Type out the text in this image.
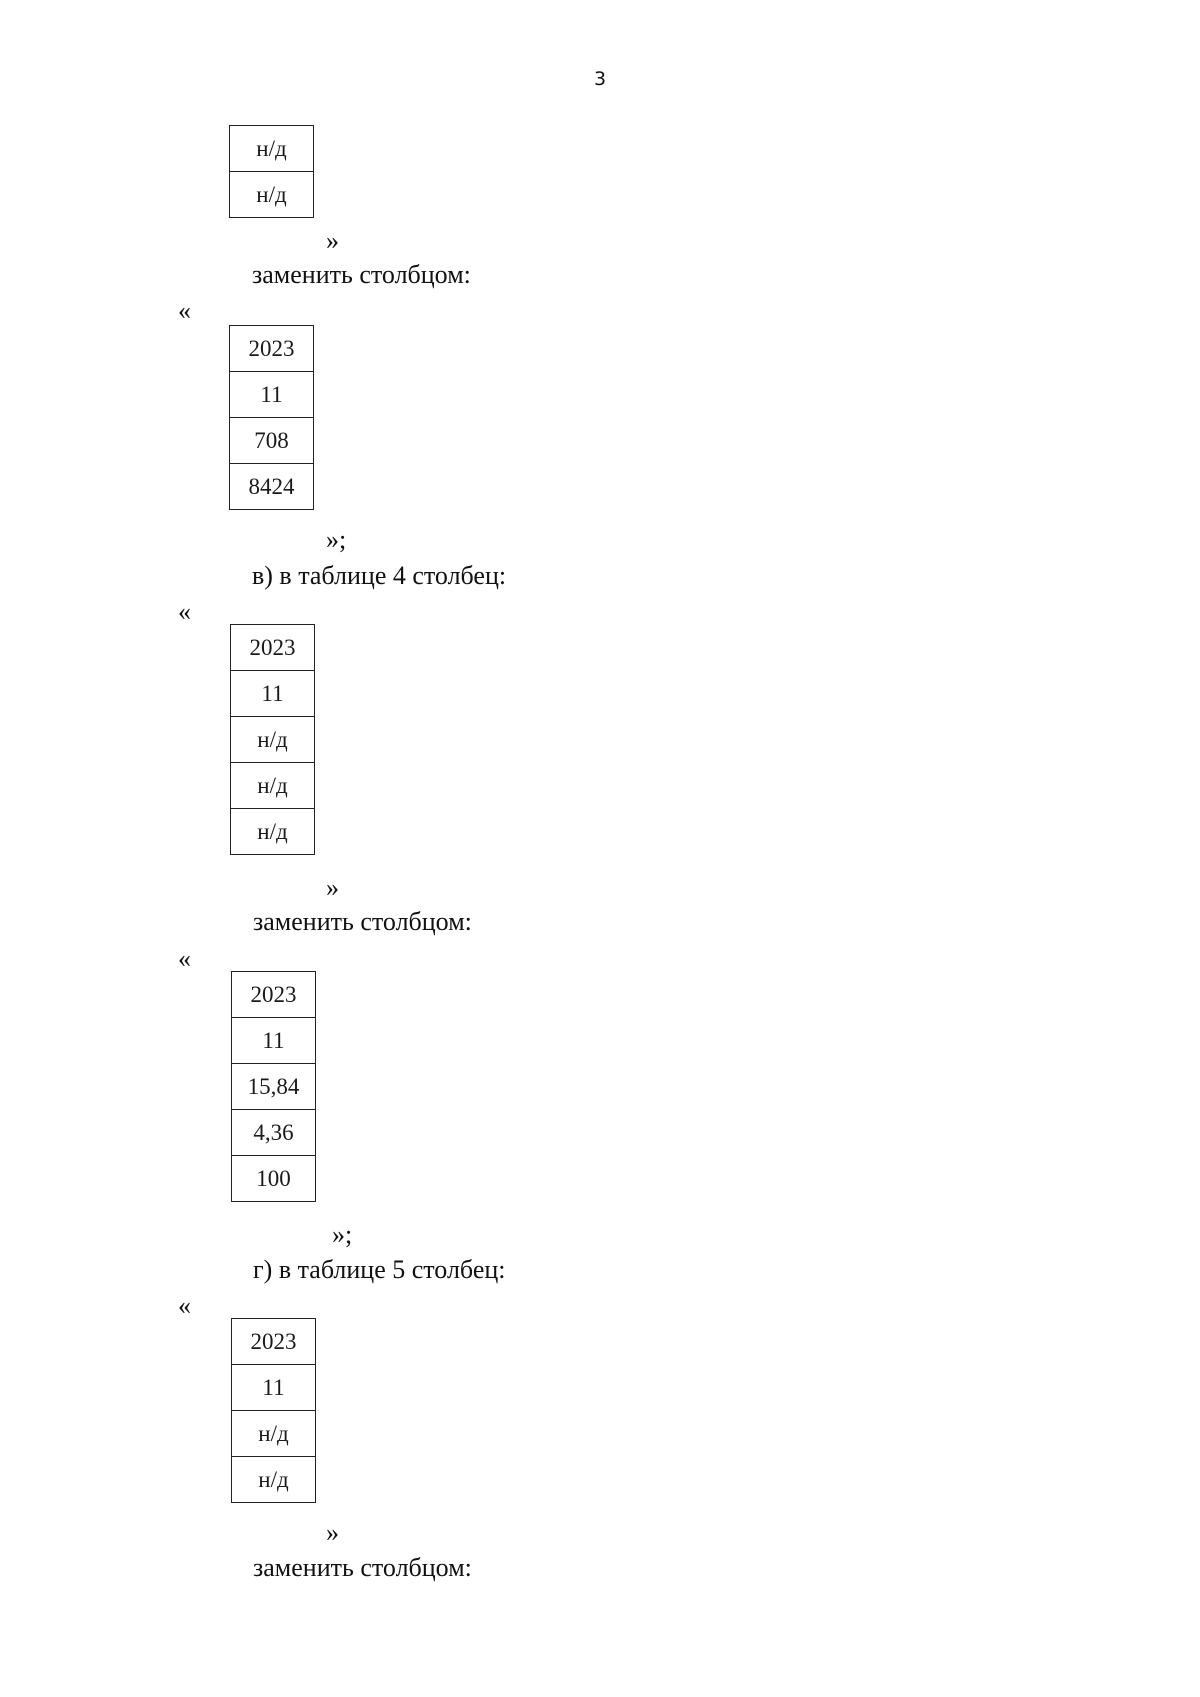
3
н/д
н/д
»
заменить столбцом:
«
2023
11
708
8424
»;
в) в таблице 4 столбец:
«
2023
11
н/д
н/д
н/д
»
заменить столбцом:
«
2023
11
15,84
4,36
100
»;
г) в таблице 5 столбец:
«
2023
11
н/д
н/д
»
заменить столбцом:
